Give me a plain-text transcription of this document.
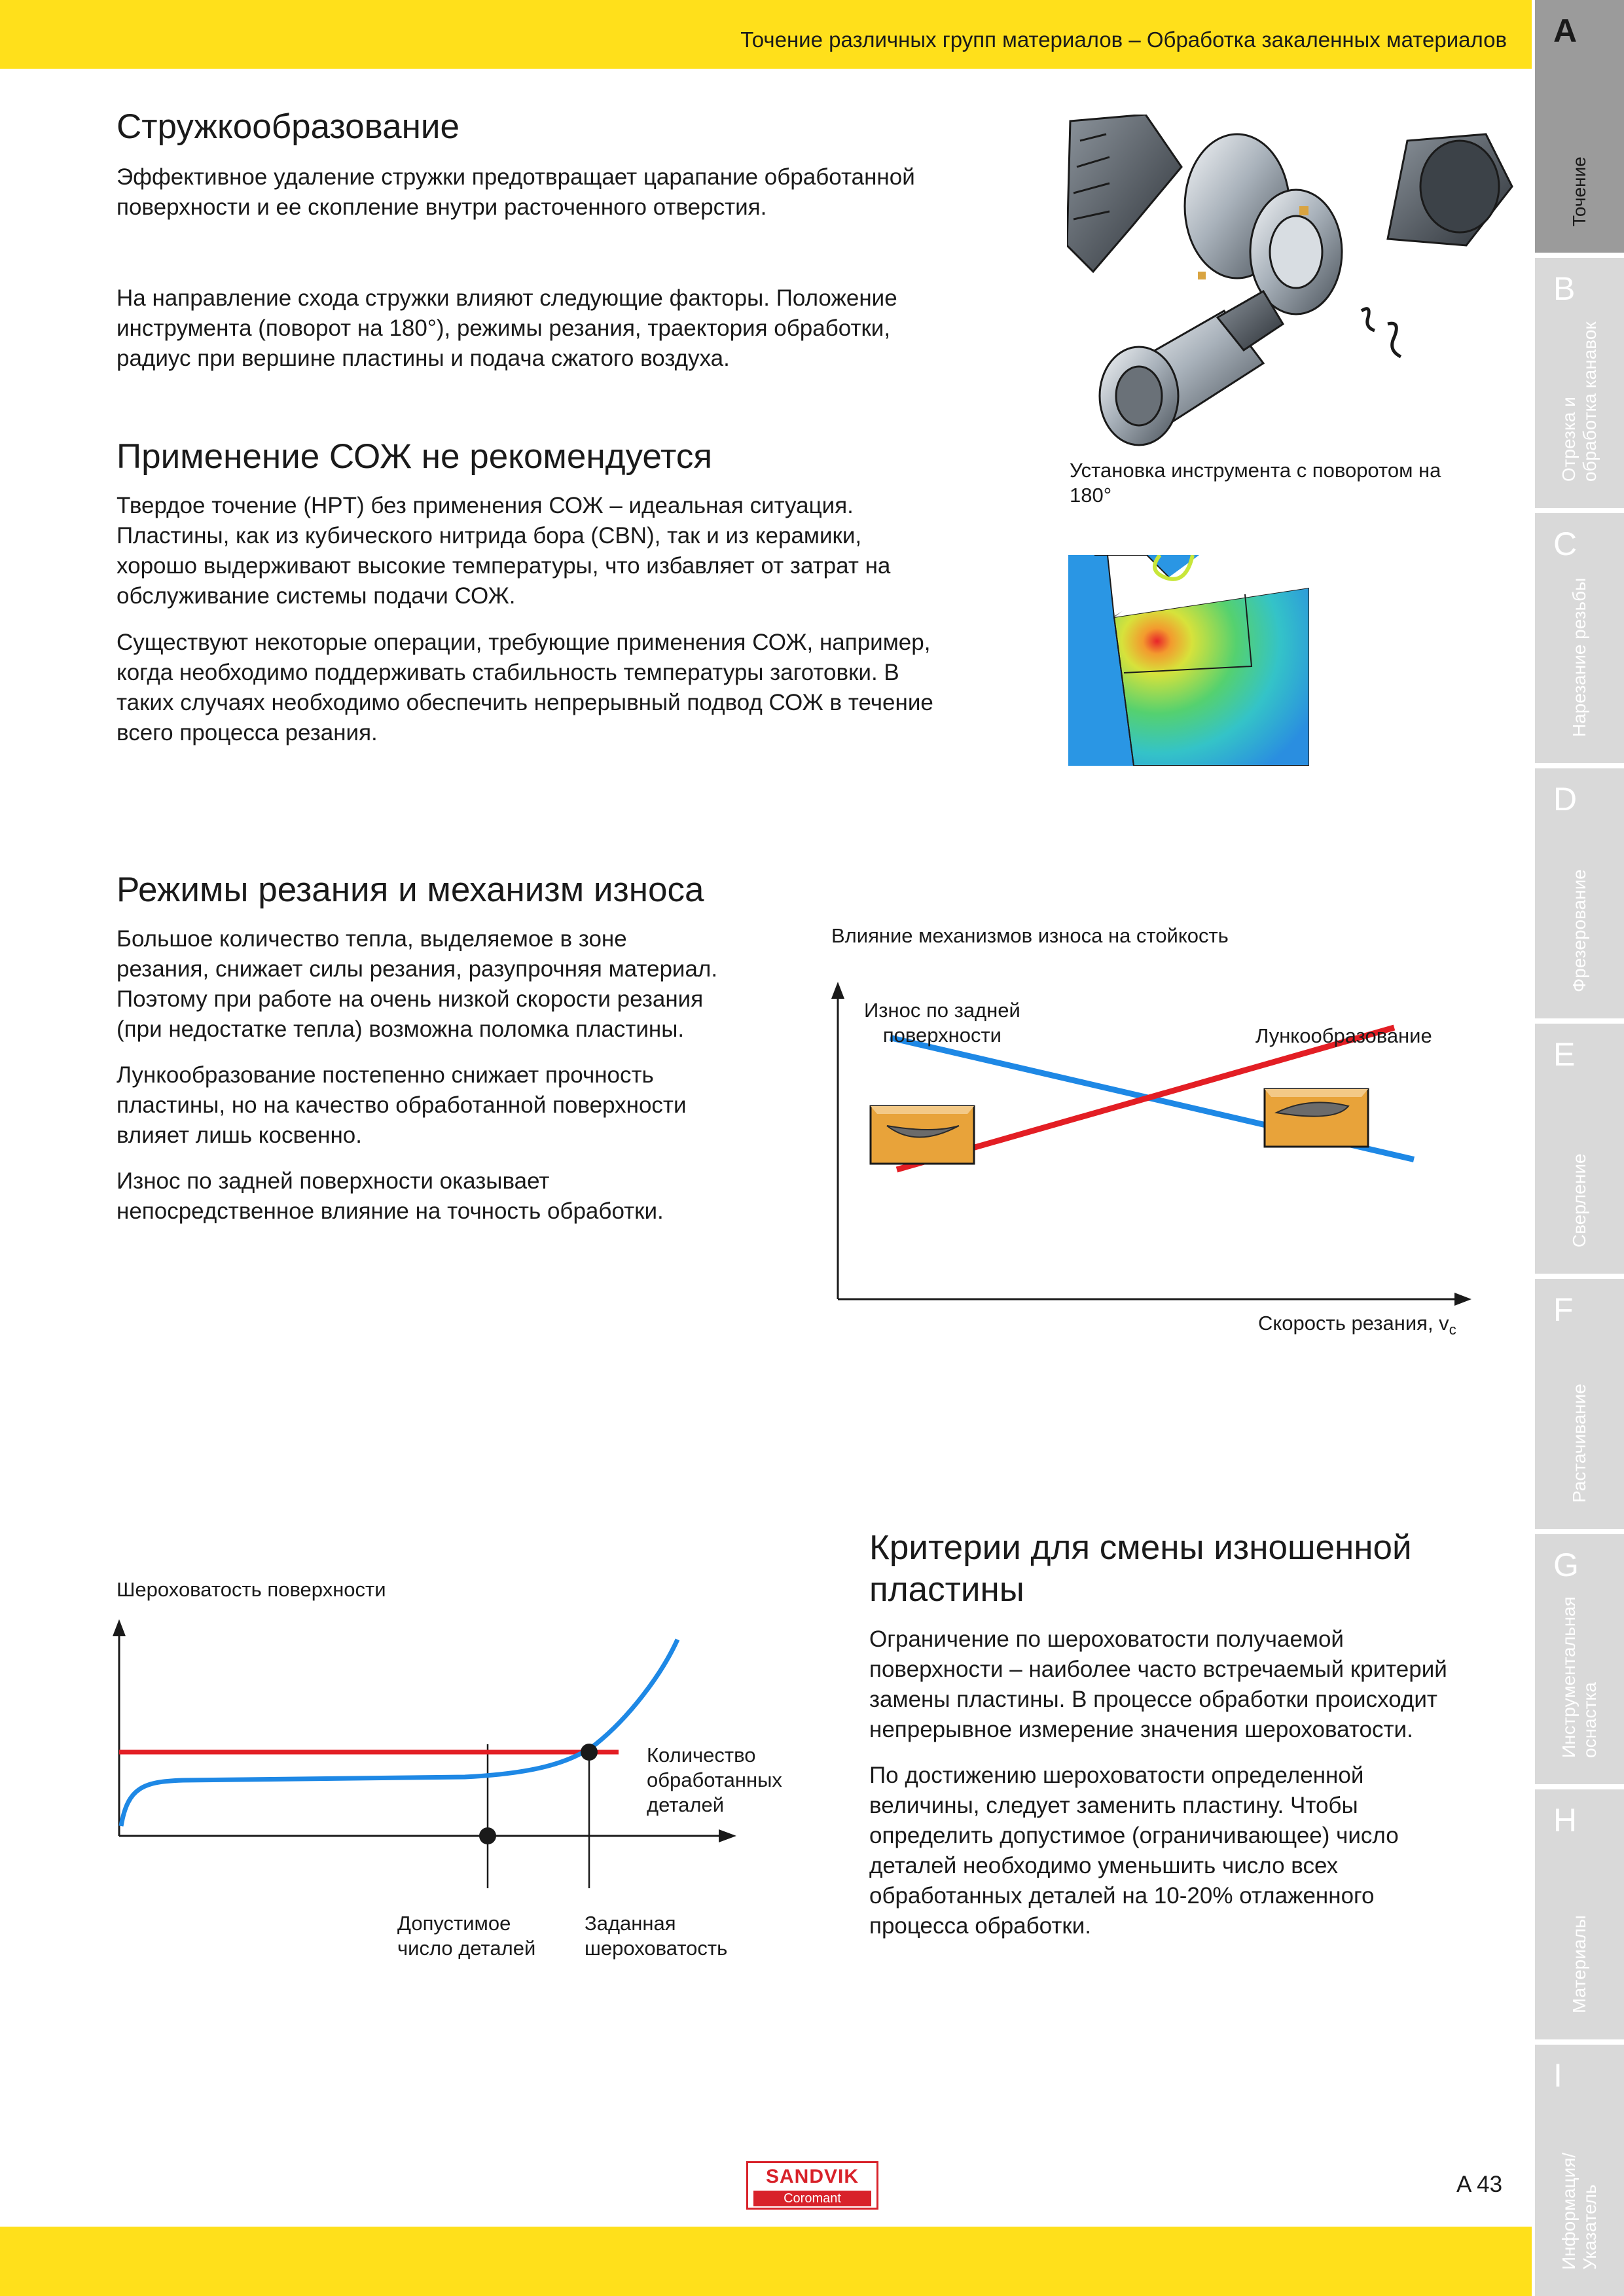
Точение различных групп материалов – Обработка закаленных материалов A
Точение
B
Отрезка и обработка канавок
C
Нарезание резьбы
D
Фрезерование
E
Сверление
F
Растачивание
G
Инструментальная оснастка
H
Материалы
I
Информация/ Указатель
Стружкообразование

Эффективное удаление стружки предотвращает царапание обработанной
поверхности и ее скопление внутри расточенного отверстия.

На направление схода стружки влияют следующие факторы. Положение
инструмента (поворот на 180°), режимы резания, траектория обработки,
радиус при вершине пластины и подача сжатого воздуха.

Установка инструмента с поворотом на
180°
Применение СОЖ не рекомендуется

Твердое точение (HPT) без применения СОЖ – идеальная ситуация.
Пластины, как из кубического нитрида бора (CBN), так и из керамики,
хорошо выдерживают высокие температуры, что избавляет от затрат на
обслуживание системы подачи СОЖ.

Существуют некоторые операции, требующие применения СОЖ, например,
когда необходимо поддерживать стабильность температуры заготовки. В
таких случаях необходимо обеспечить непрерывный подвод СОЖ в течение
всего процесса резания.

Режимы резания и механизм износа

Большое количество тепла, выделяемое в зоне
резания, снижает силы резания, разупрочняя материал.
Поэтому при работе на очень низкой скорости резания
(при недостатке тепла) возможна поломка пластины.

Лункообразование постепенно снижает прочность
пластины, но на качество обработанной поверхности
влияет лишь косвенно.

Износ по задней поверхности оказывает
непосредственное влияние на точность обработки.

Влияние механизмов износа на стойкость
Износ по задней
поверхности	Лункообразование
Скорость резания, $v_c$
Шероховатость поверхности
Количество
обработанных
деталей
Допустимое
число деталей
Заданная
шероховатость
Критерии для смены изношенной
пластины

Ограничение по шероховатости получаемой
поверхности – наиболее часто встречаемый критерий
замены пластины. В процессе обработки происходит
непрерывное измерение значения шероховатости.

По достижению шероховатости определенной
величины, следует заменить пластину. Чтобы
определить допустимое (ограничивающее) число
деталей необходимо уменьшить число всех
обработанных деталей на 10-20% отлаженного
процесса обработки.

SANDVIK
Coromant
A 43
